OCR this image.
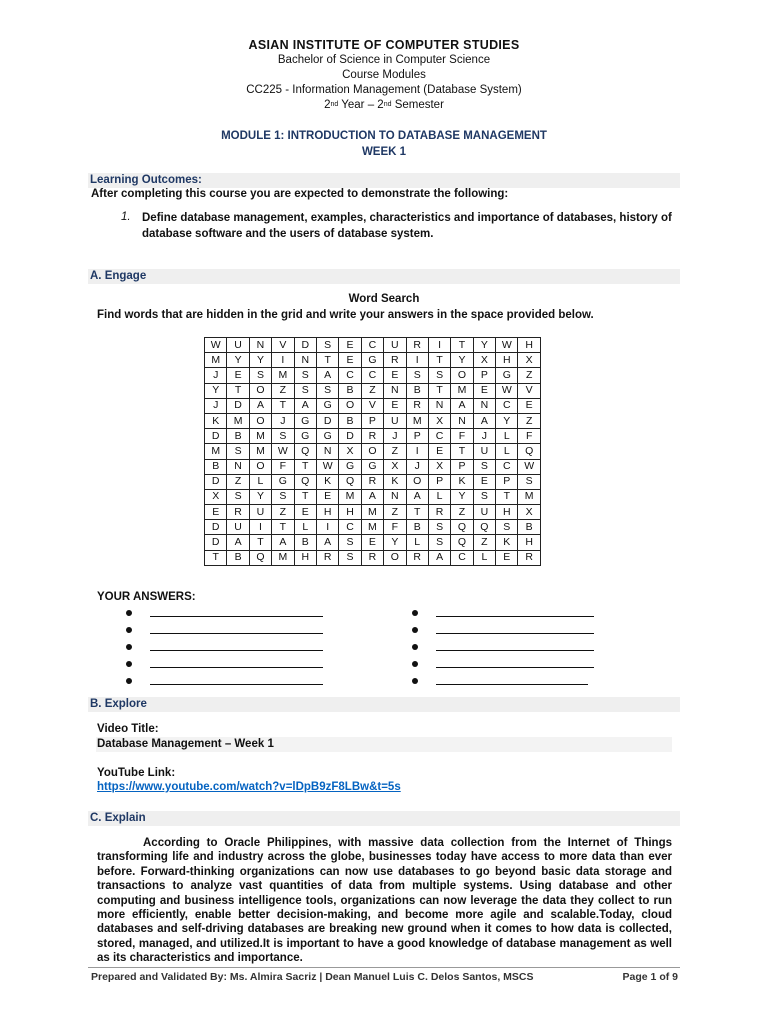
ASIAN INSTITUTE OF COMPUTER STUDIES
Bachelor of Science in Computer Science
Course Modules
CC225 - Information Management (Database System)
2nd Year – 2nd Semester
MODULE 1: INTRODUCTION TO DATABASE MANAGEMENT
WEEK 1
Learning Outcomes:
After completing this course you are expected to demonstrate the following:
1. Define database management, examples, characteristics and importance of databases, history of database software and the users of database system.
A. Engage
Word Search
Find words that are hidden in the grid and write your answers in the space provided below.
W	U	N	V	D	S	E	C	U	R	I	T	Y	W	H
M	Y	Y	I	N	T	E	G	R	I	T	Y	X	H	X
J	E	S	M	S	A	C	C	E	S	S	O	P	G	Z
Y	T	O	Z	S	S	B	Z	N	B	T	M	E	W	V
J	D	A	T	A	G	O	V	E	R	N	A	N	C	E
K	M	O	J	G	D	B	P	U	M	X	N	A	Y	Z
D	B	M	S	G	G	D	R	J	P	C	F	J	L	F
M	S	M	W	Q	N	X	O	Z	I	E	T	U	L	Q
B	N	O	F	T	W	G	G	X	J	X	P	S	C	W
D	Z	L	G	Q	K	Q	R	K	O	P	K	E	P	S
X	S	Y	S	T	E	M	A	N	A	L	Y	S	T	M
E	R	U	Z	E	H	H	M	Z	T	R	Z	U	H	X
D	U	I	T	L	I	C	M	F	B	S	Q	Q	S	B
D	A	T	A	B	A	S	E	Y	L	S	Q	Z	K	H
T	B	Q	M	H	R	S	R	O	R	A	C	L	E	R
YOUR ANSWERS:
B. Explore
Video Title:
Database Management – Week 1
YouTube Link:
https://www.youtube.com/watch?v=lDpB9zF8LBw&t=5s
C. Explain
According to Oracle Philippines, with massive data collection from the Internet of Things transforming life and industry across the globe, businesses today have access to more data than ever before. Forward-thinking organizations can now use databases to go beyond basic data storage and transactions to analyze vast quantities of data from multiple systems. Using database and other computing and business intelligence tools, organizations can now leverage the data they collect to run more efficiently, enable better decision-making, and become more agile and scalable.Today, cloud databases and self-driving databases are breaking new ground when it comes to how data is collected, stored, managed, and utilized.It is important to have a good knowledge of database management as well as its characteristics and importance.
Prepared and Validated By: Ms. Almira Sacriz | Dean Manuel Luis C. Delos Santos, MSCS	Page 1 of 9
